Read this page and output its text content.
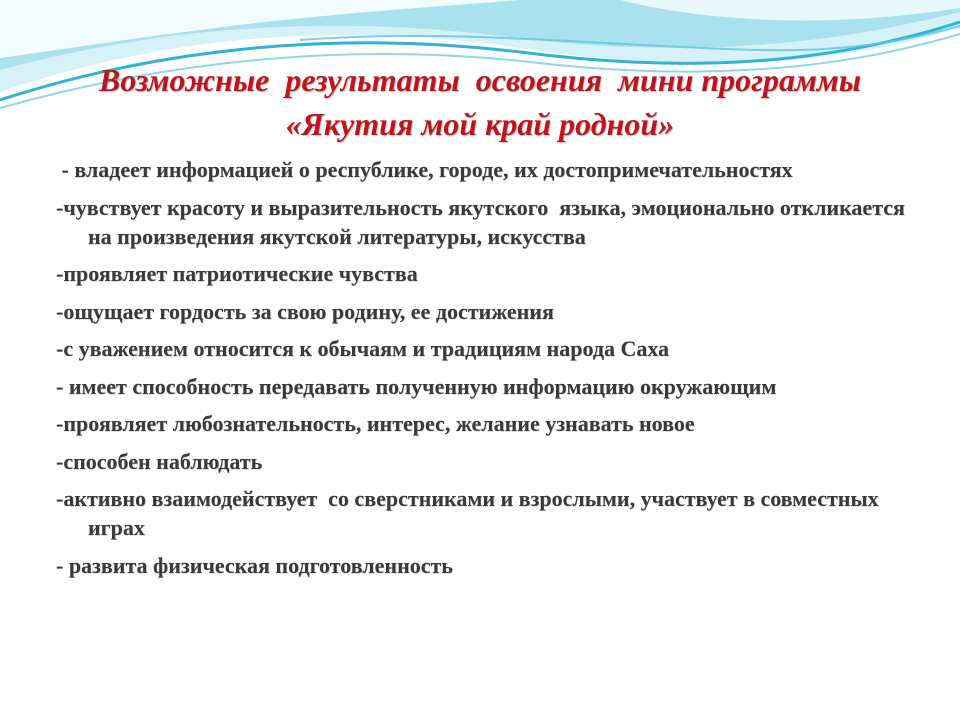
Возможные  результаты  освоения  мини программы     «Якутия мой край родной»
- владеет информацией о республике, городе, их достопримечательностях
-чувствует красоту и выразительность якутского  языка, эмоционально откликается на произведения якутской литературы, искусства
-проявляет патриотические чувства
-ощущает гордость за свою родину, ее достижения
-с уважением относится к обычаям и традициям народа Саха
- имеет способность передавать полученную информацию окружающим
-проявляет любознательность, интерес, желание узнавать новое
-способен наблюдать
-активно взаимодействует  со сверстниками и взрослыми, участвует в совместных играх
- развита физическая подготовленность
